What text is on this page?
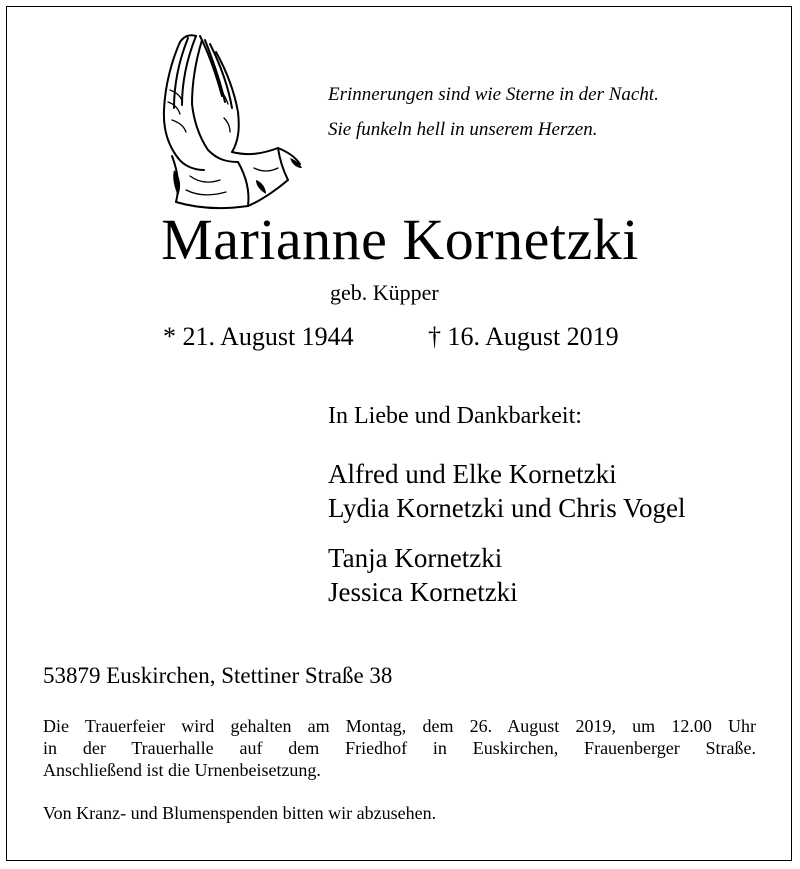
Erinnerungen sind wie Sterne in der Nacht.
Sie funkeln hell in unserem Herzen.
Marianne Kornetzki
geb. Küpper
* 21. August 1944	† 16. August 2019
In Liebe und Dankbarkeit:
Alfred und Elke Kornetzki
Lydia Kornetzki und Chris Vogel
Tanja Kornetzki
Jessica Kornetzki
53879 Euskirchen, Stettiner Straße 38
Die Trauerfeier wird gehalten am Montag, dem 26. August 2019, um 12.00 Uhr
in der Trauerhalle auf dem Friedhof in Euskirchen, Frauenberger Straße.
Anschließend ist die Urnenbeisetzung.
Von Kranz- und Blumenspenden bitten wir abzusehen.
